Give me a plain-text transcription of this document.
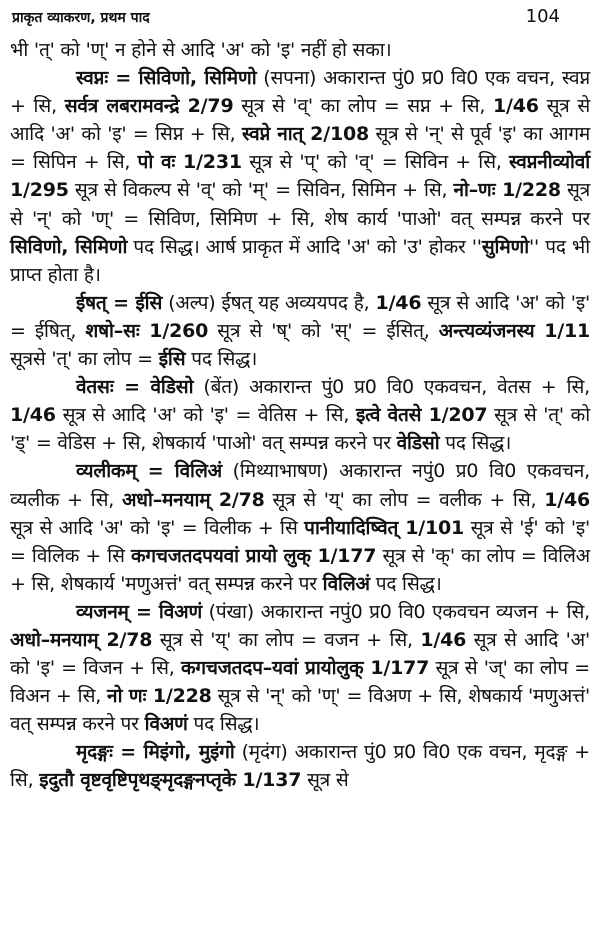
प्राकृत व्याकरण, प्रथम पाद	104

भी 'त्' को 'ण्' न होने से आदि 'अ' को 'इ' नहीं हो सका।

स्वप्नः = सिविणो, सिमिणो (सपना) अकारान्त पुं0 प्र0 वि0 एक वचन, स्वप्न + सि, सर्वत्र लबरामवन्द्रे 2/79 सूत्र से 'व्' का लोप = सप्न + सि, 1/46 सूत्र से आदि 'अ' को 'इ' = सिप्न + सि, स्वप्ने नात् 2/108 सूत्र से 'न्' से पूर्व 'इ' का आगम = सिपिन + सि, पो वः 1/231 सूत्र से 'प्' को 'व्' = सिविन + सि, स्वप्ननीव्योर्वा 1/295 सूत्र से विकल्प से 'व्' को 'म्' = सिविन, सिमिन + सि, नो–णः 1/228 सूत्र से 'न्' को 'ण्' = सिविण, सिमिण + सि, शेष कार्य 'पाओ' वत् सम्पन्न करने पर सिविणो, सिमिणो पद सिद्ध। आर्ष प्राकृत में आदि 'अ' को 'उ' होकर ''सुमिणो'' पद भी प्राप्त होता है।

ईषत् = ईसि (अल्प) ईषत् यह अव्ययपद है, 1/46 सूत्र से आदि 'अ' को 'इ' = ईषित्, शषो–सः 1/260 सूत्र से 'ष्' को 'स्' = ईसित्, अन्त्यव्यंजनस्य 1/11 सूत्रसे 'त्' का लोप = ईसि पद सिद्ध।

वेतसः = वेडिसो (बेंत) अकारान्त पुं0 प्र0 वि0 एकवचन, वेतस + सि, 1/46 सूत्र से आदि 'अ' को 'इ' = वेतिस + सि, इत्वे वेतसे 1/207 सूत्र से 'त्' को 'ड्' = वेडिस + सि, शेषकार्य 'पाओ' वत् सम्पन्न करने पर वेडिसो पद सिद्ध।

व्यलीकम् = विलिअं (मिथ्याभाषण) अकारान्त नपुं0 प्र0 वि0 एकवचन, व्यलीक + सि, अधो–मनयाम् 2/78 सूत्र से 'य्' का लोप = वलीक + सि, 1/46 सूत्र से आदि 'अ' को 'इ' = विलीक + सि पानीयादिष्वित् 1/101 सूत्र से 'ई' को 'इ' = विलिक + सि कगचजतदपयवां प्रायो लुक् 1/177 सूत्र से 'क्' का लोप = विलिअ + सि, शेषकार्य 'मणुअत्तं' वत् सम्पन्न करने पर विलिअं पद सिद्ध।

व्यजनम् = विअणं (पंखा) अकारान्त नपुं0 प्र0 वि0 एकवचन व्यजन + सि, अधो–मनयाम् 2/78 सूत्र से 'य्' का लोप = वजन + सि, 1/46 सूत्र से आदि 'अ' को 'इ' = विजन + सि, कगचजतदप–यवां प्रायोलुक् 1/177 सूत्र से 'ज्' का लोप = विअन + सि, नो णः 1/228 सूत्र से 'न्' को 'ण्' = विअण + सि, शेषकार्य 'मणुअत्तं' वत् सम्पन्न करने पर विअणं पद सिद्ध।

मृदङ्गः = मिइंगो, मुइंगो (मृदंग) अकारान्त पुं0 प्र0 वि0 एक वचन, मृदङ्ग + सि, इदुतौ वृष्टवृष्टिपृथङ्मृदङ्गनप्तृके 1/137 सूत्र से
